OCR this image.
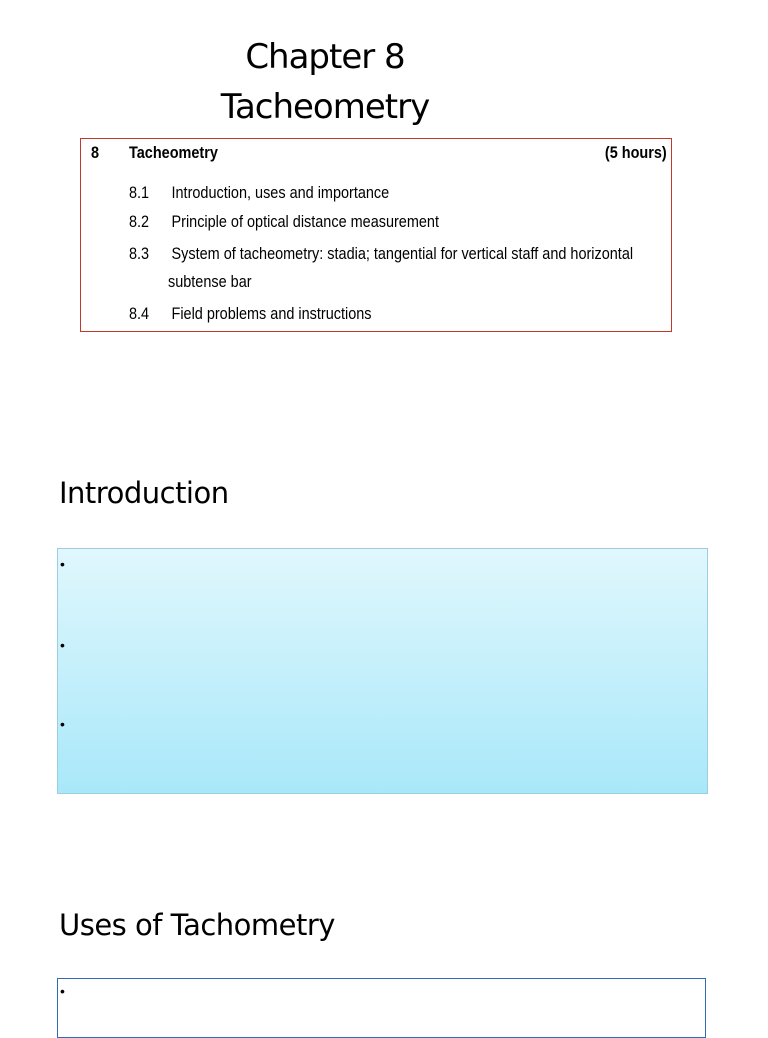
Chapter 8
Tacheometry
8 Tacheometry	(5 hours)
8.1 Introduction, uses and importance
8.2 Principle of optical distance measurement
8.3 System of tacheometry: stadia; tangential for vertical staff and horizontal
subtense bar
8.4 Field problems and instructions
Introduction
•
•
•
Uses of Tachometry
•
